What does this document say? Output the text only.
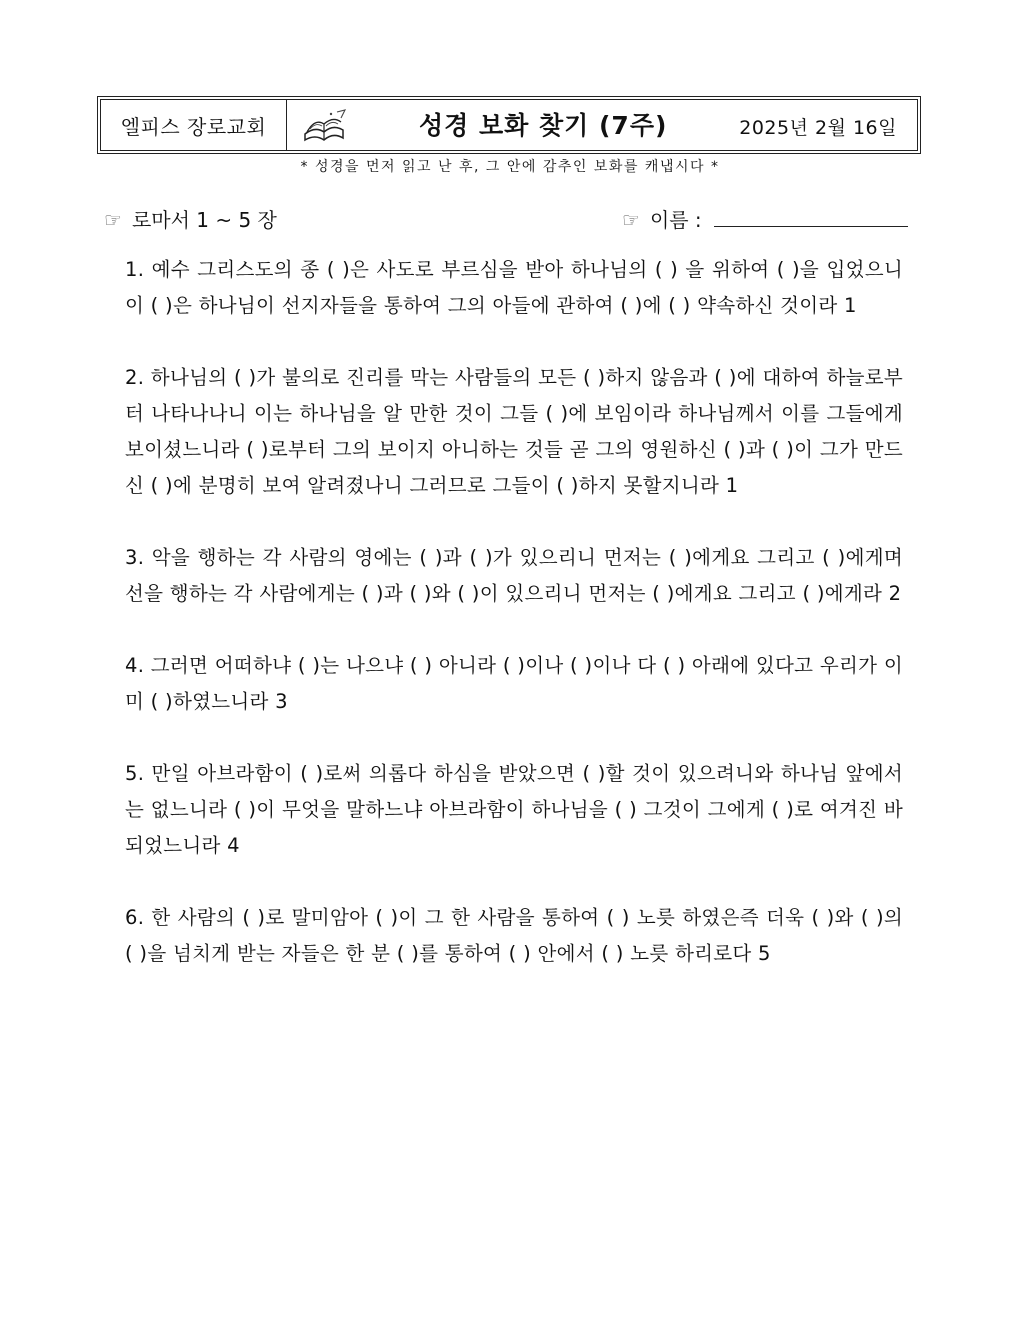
엘피스 장로교회	성경 보화 찾기 (7주)	2025년 2월 16일
* 성경을 먼저 읽고 난 후, 그 안에 감추인 보화를 캐냅시다 *
☞ 로마서 1 ~ 5 장	☞ 이름 :

1. 예수 그리스도의 종 ( )은 사도로 부르심을 받아 하나님의 ( ) 을 위하여 ( )을 입었으니 이 ( )은 하나님이 선지자들을 통하여 그의 아들에 관하여 ( )에 ( ) 약속하신 것이라 1

2. 하나님의 ( )가 불의로 진리를 막는 사람들의 모든 ( )하지 않음과 ( )에 대하여 하늘로부터 나타나나니 이는 하나님을 알 만한 것이 그들 ( )에 보임이라 하나님께서 이를 그들에게 보이셨느니라 ( )로부터 그의 보이지 아니하는 것들 곧 그의 영원하신 ( )과 ( )이 그가 만드신 ( )에 분명히 보여 알려졌나니 그러므로 그들이 ( )하지 못할지니라 1

3. 악을 행하는 각 사람의 영에는 ( )과 ( )가 있으리니 먼저는 ( )에게요 그리고 ( )에게며 선을 행하는 각 사람에게는 ( )과 ( )와 ( )이 있으리니 먼저는 ( )에게요 그리고 ( )에게라 2

4. 그러면 어떠하냐 ( )는 나으냐 ( ) 아니라 ( )이나 ( )이나 다 ( ) 아래에 있다고 우리가 이미 ( )하였느니라 3

5. 만일 아브라함이 ( )로써 의롭다 하심을 받았으면 ( )할 것이 있으려니와 하나님 앞에서는 없느니라 ( )이 무엇을 말하느냐 아브라함이 하나님을 ( ) 그것이 그에게 ( )로 여겨진 바 되었느니라 4

6. 한 사람의 ( )로 말미암아 ( )이 그 한 사람을 통하여 ( ) 노릇 하였은즉 더욱 ( )와 ( )의 ( )을 넘치게 받는 자들은 한 분 ( )를 통하여 ( ) 안에서 ( ) 노릇 하리로다 5
